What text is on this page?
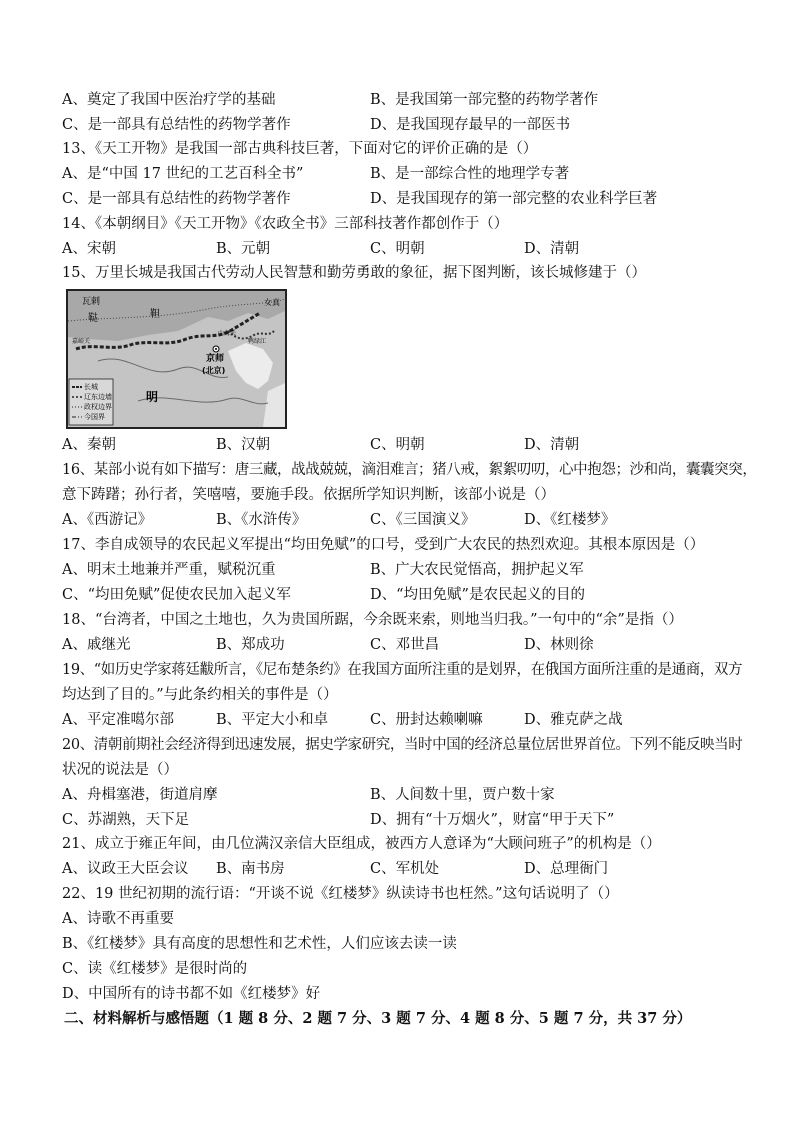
A、奠定了我国中医治疗学的基础	B、是我国第一部完整的药物学著作
C、是一部具有总结性的药物学著作	D、是我国现存最早的一部医书
13、《天工开物》是我国一部古典科技巨著，下面对它的评价正确的是（）
A、是“中国 17 世纪的工艺百科全书”	B、是一部综合性的地理学专著
C、是一部具有总结性的药物学著作	D、是我国现存的第一部完整的农业科学巨著
14、《本朝纲目》《天工开物》《农政全书》三部科技著作都创作于（）
A、宋朝	B、元朝	C、明朝	D、清朝
15、万里长城是我国古代劳动人民智慧和勤劳勇敢的象征，据下图判断，该长城修建于（）
长城
辽东边墙
政权边界
今国界
瓦剌
鞑	靼
女真
山海关
嘉峪关	鸭绿江
京师
(北京)
明
A、秦朝	B、汉朝	C、明朝	D、清朝
16、某部小说有如下描写：唐三藏，战战兢兢，滴泪难言；猪八戒，絮絮叨叨，心中抱怨；沙和尚，囊囊突突，
意下踌躇；孙行者，笑嘻嘻，要施手段。依据所学知识判断，该部小说是（）
A、《西游记》	B、《水浒传》	C、《三国演义》	D、《红楼梦》
17、李自成领导的农民起义军提出“均田免赋”的口号，受到广大农民的热烈欢迎。其根本原因是（）
A、明末土地兼并严重，赋税沉重	B、广大农民觉悟高，拥护起义军
C、“均田免赋”促使农民加入起义军	D、“均田免赋”是农民起义的目的
18、“台湾者，中国之土地也，久为贵国所踞，今余既来索，则地当归我。”一句中的“余”是指（）
A、戚继光	B、郑成功	C、邓世昌	D、林则徐
19、“如历史学家蒋廷黻所言，《尼布楚条约》在我国方面所注重的是划界，在俄国方面所注重的是通商，双方
均达到了目的。”与此条约相关的事件是（）
A、平定准噶尔部	B、平定大小和卓	C、册封达赖喇嘛	D、雅克萨之战
20、清朝前期社会经济得到迅速发展，据史学家研究，当时中国的经济总量位居世界首位。下列不能反映当时
状况的说法是（）
A、舟楫塞港，街道肩摩	B、人间数十里，贾户数十家
C、苏湖熟，天下足	D、拥有“十万烟火”，财富“甲于天下”
21、成立于雍正年间，由几位满汉亲信大臣组成，被西方人意译为“大顾问班子”的机构是（）
A、议政王大臣会议 B、南书房	C、军机处	D、总理衙门
22、19 世纪初期的流行语：“开谈不说《红楼梦》纵读诗书也枉然。”这句话说明了（）
A、诗歌不再重要
B、《红楼梦》具有高度的思想性和艺术性，人们应该去读一读
C、读《红楼梦》是很时尚的
D、中国所有的诗书都不如《红楼梦》好
二、材料解析与感悟题（1 题 8 分、2 题 7 分、3 题 7 分、4 题 8 分、5 题 7 分，共 37 分）
